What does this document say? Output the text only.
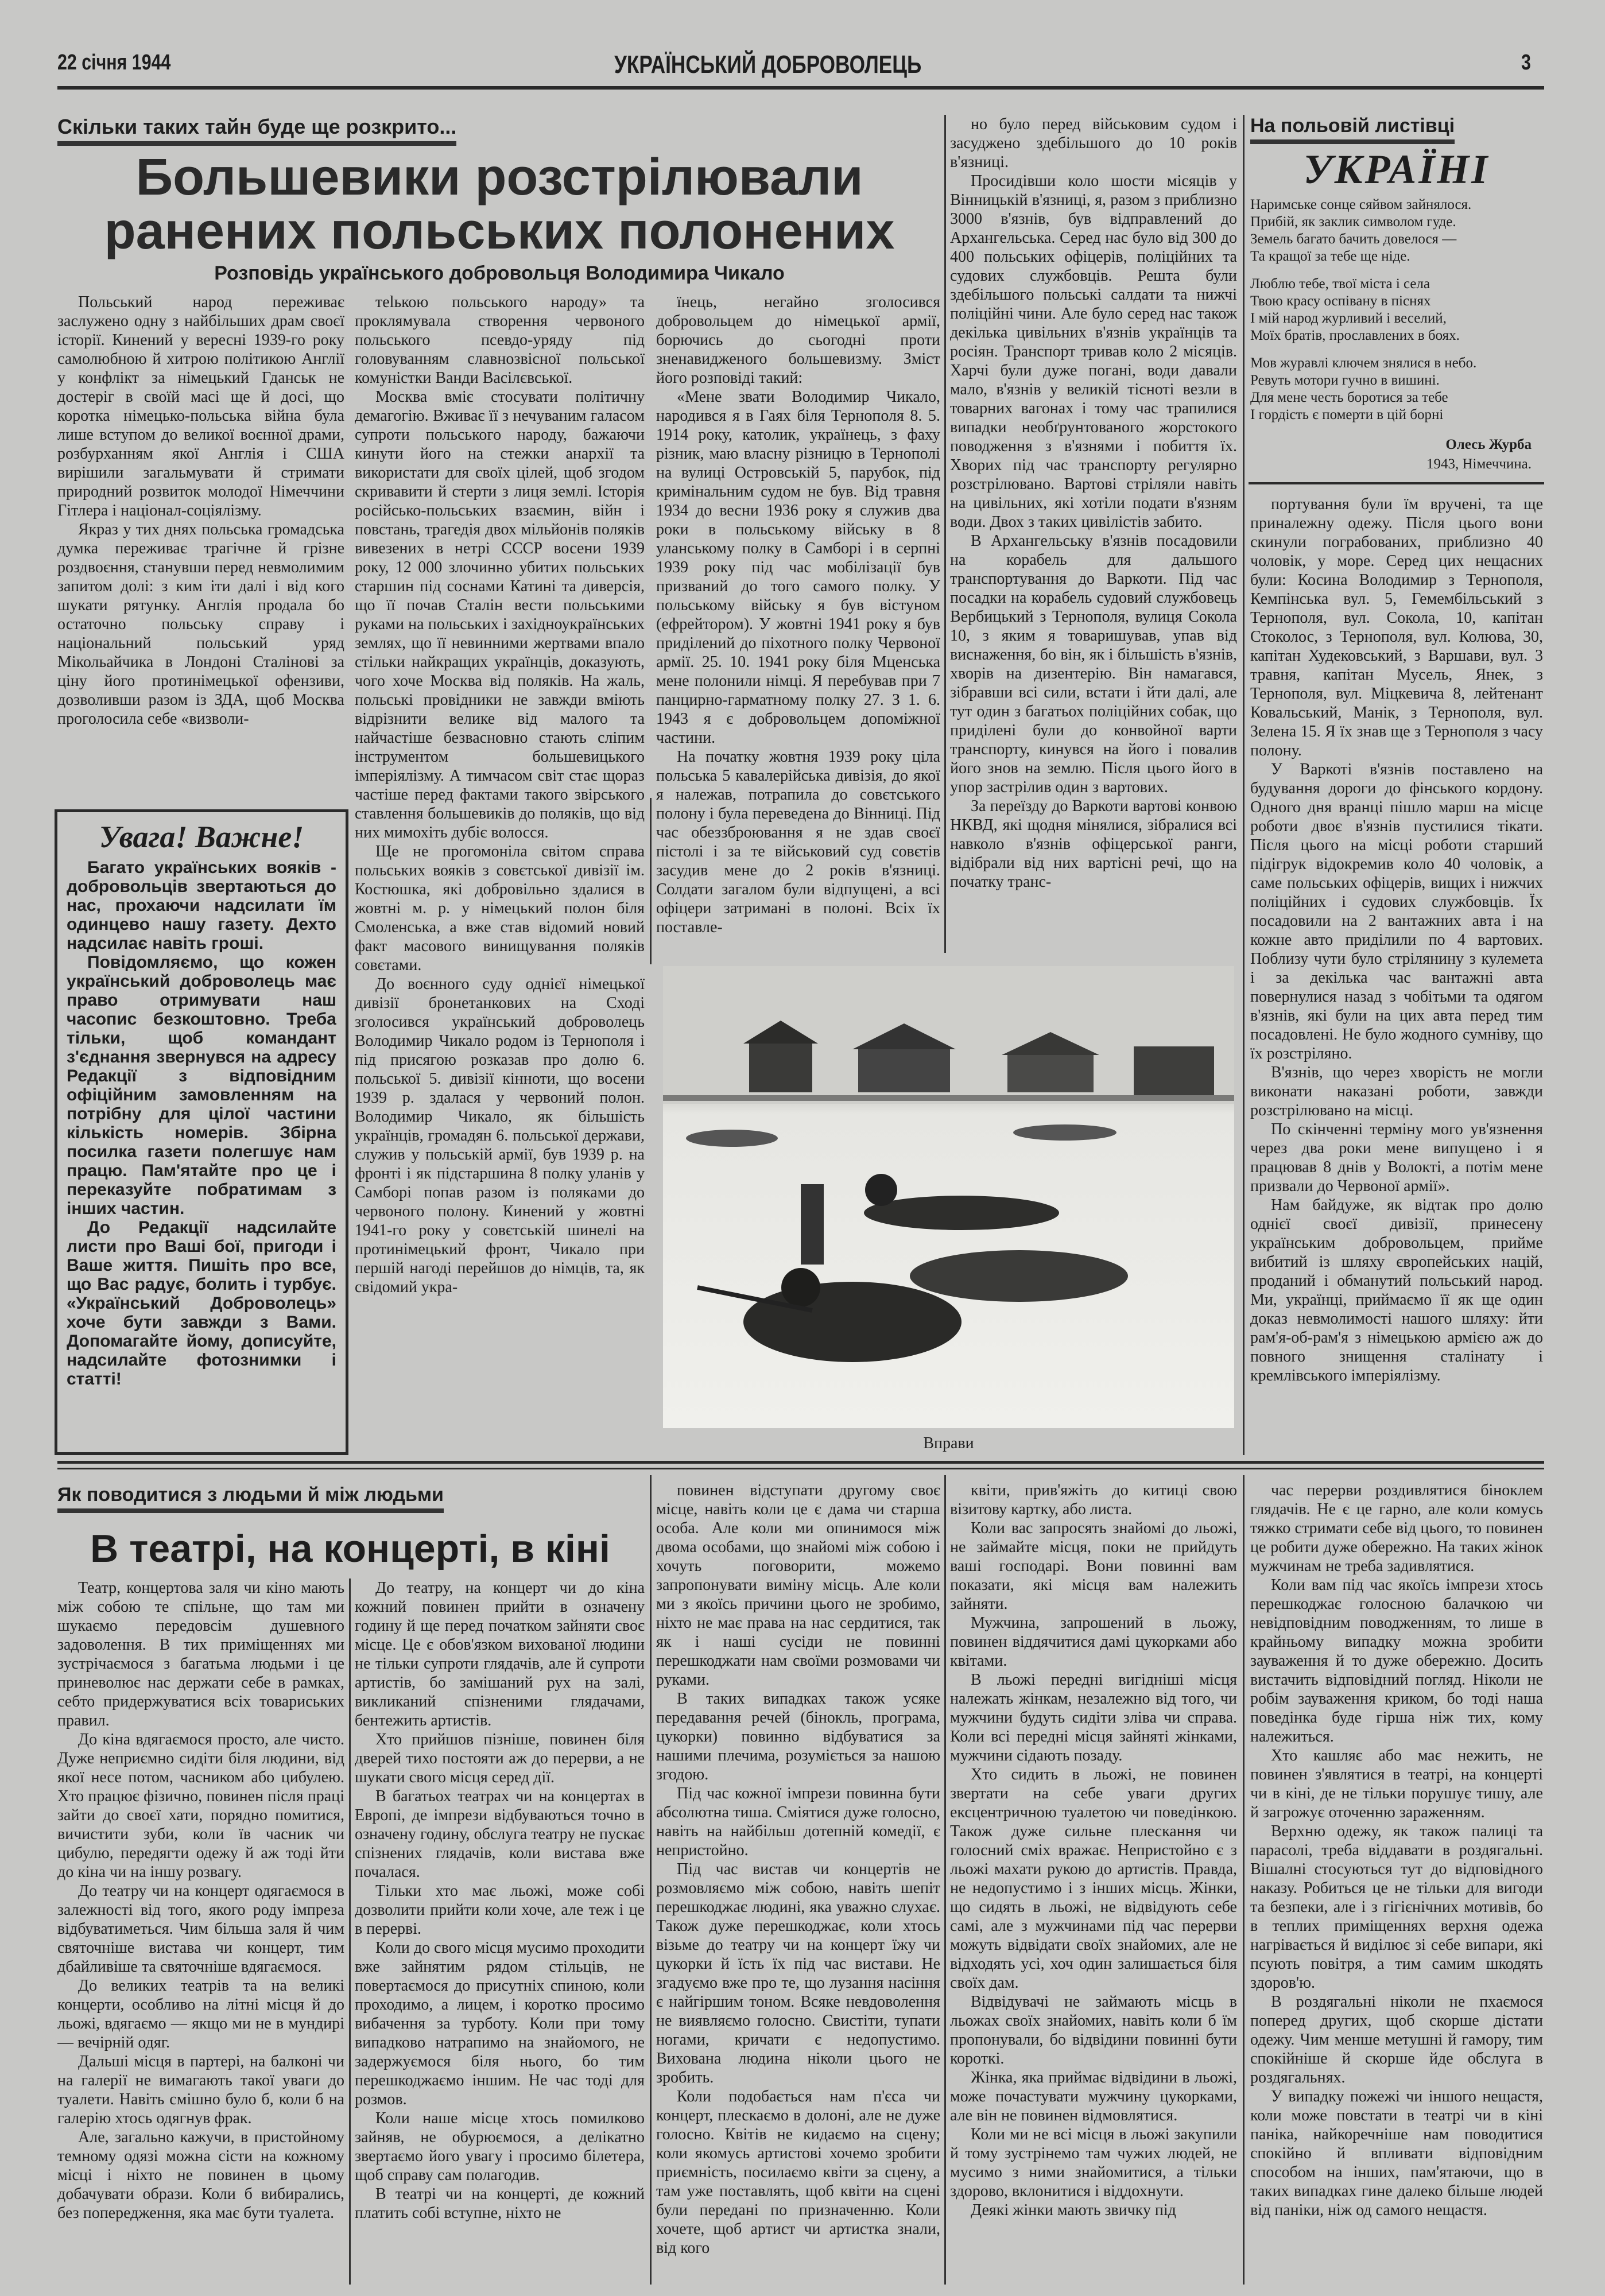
22 січня 1944	УКРАЇНСЬКИЙ ДОБРОВОЛЕЦЬ	3
Скільки таких тайн буде ще розкрито...
Большевики розстрілювали
ранених польських полонених
Розповідь українського добровольця Володимира Чикало

Польський народ переживає заслужено одну з найбільших драм своєї історії. Кинений у вересні 1939-го року самолюбною й хитрою політикою Англії у конфлікт за німецький Гданськ не достеріг в своїй масі ще й досі, що коротка німецько-польська війна була лише вступом до великої воєнної драми, розбурханням якої Англія і США вирішили загальмувати й стримати природний розвиток молодої Німеччини Гітлера і націонал-соціялізму.

Якраз у тих днях польська громадська думка переживає трагічне й грізне роздвоєння, станувши перед невмолимим запитом долі: з ким іти далі і від кого шукати рятунку. Англія продала бо остаточно польську справу і національний польський уряд Мікольайчика в Лондоні Сталінові за ціну його протинімецької офензиви, дозволивши разом із ЗДА, щоб Москва проголосила себе «визволи-

тelькою польського народу» та проклямувала створення червоного польського псевдо-уряду під головуванням славнозвісної польської комуністки Ванди Васілєвської.

Москва вміє стосувати політичну демагогію. Вживає її з нечуваним галасом супроти польського народу, бажаючи кинути його на стежки анархії та використати для своїх цілей, щоб згодом скривавити й стерти з лиця землі. Історія російсько-польських взаємин, війн і повстань, трагедія двох мільйонів поляків вивезених в нетрі СССР восени 1939 року, 12 000 злочинно убитих польських старшин під соснами Катині та диверсія, що її почав Сталін вести польськими руками на польських і західноукраїнських землях, що її невинними жертвами впало стільки найкращих українців, доказують, чого хоче Москва від поляків. На жаль, польські провідники не завжди вміють відрізнити велике від малого та найчастіше безвасновно стають сліпим інструментом большевицького імперіялізму. А тимчасом світ стає щораз частіше перед фактами такого звірського ставлення большевиків до поляків, що від них мимохіть дубіє волосся.

Ще не прогомоніла світом справа польських вояків з совєтської дивізії ім. Костюшка, які добровільно здалися в жовтні м. р. у німецький полон біля Смоленська, а вже став відомий новий факт масового винищування поляків совєтами.

До воєнного суду однієї німецької дивізії бронетанкових на Сході зголосився український доброволець Володимир Чикало родом із Тернополя і під присягою розказав про долю 6. польської 5. дивізії кінноти, що восени 1939 р. здалася у червоний полон. Володимир Чикало, як більшість українців, громадян 6. польської держави, служив у польській армії, був 1939 р. на фронті і як підстаршина 8 полку уланів у Самборі попав разом із поляками до червоного полону. Кинений у жовтні 1941-го року у совєтській шинелі на протинімецький фронт, Чикало при першій нагоді перейшов до німців, та, як свідомий укра-

їнець, негайно зголосився добровольцем до німецької армії, борючись до сьогодні проти зненавидженого большевизму. Зміст його розповіді такий:

«Мене звати Володимир Чикало, народився я в Гаях біля Тернополя 8. 5. 1914 року, католик, українець, з фаху різник, маю власну різницю в Тернополі на вулиці Островській 5, парубок, під кримінальним судом не був. Від травня 1934 до весни 1936 року я служив два роки в польському війську в 8 уланському полку в Самборі і в серпні 1939 року під час мобілізації був призваний до того самого полку. У польському війську я був вістуном (ефрейтором). У жовтні 1941 року я був приділений до піхотного полку Червоної армії. 25. 10. 1941 року біля Мценська мене полонили німці. Я перебував при 7 панцирно-гарматному полку 27. З 1. 6. 1943 я є добровольцем допоміжної частини.

На початку жовтня 1939 року ціла польська 5 кавалерійська дивізія, до якої я належав, потрапила до совєтського полону і була переведена до Вінниці. Під час обеззброювання я не здав своєї пістолі і за те військовий суд совєтів засудив мене до 2 років в'язниці. Солдати загалом були відпущені, а всі офіцери затримані в полоні. Всіх їх поставле-

но було перед військовим судом і засуджено здебільшого до 10 років в'язниці.

Просидівши коло шости місяців у Вінницькій в'язниці, я, разом з приблизно 3000 в'язнів, був відправлений до Архангельська. Серед нас було від 300 до 400 польських офіцерів, поліційних та судових службовців. Решта були здебільшого польські салдати та нижчі поліційні чини. Але було серед нас також декілька цивільних в'язнів українців та росіян. Транспорт тривав коло 2 місяців. Харчі були дуже погані, води давали мало, в'язнів у великій тісноті везли в товарних вагонах і тому час трапилися випадки необґрунтованого жорстокого поводження з в'язнями і побиття їх. Хворих під час транспорту регулярно розстрілювано. Вартові стріляли навіть на цивільних, які хотіли подати в'язням води. Двох з таких цивілістів забито.

В Архангельську в'язнів посадовили на корабель для дальшого транспортування до Варкоти. Під час посадки на корабель судовий службовець Вербицький з Тернополя, вулиця Сокола 10, з яким я товаришував, упав від виснаження, бо він, як і більшість в'язнів, хворів на дизентерію. Він намагався, зібравши всі сили, встати і йти далі, але тут один з багатьох поліційних собак, що приділені були до конвойної варти транспорту, кинувся на його і повалив його знов на землю. Після цього його в упор застрілив один з вартових.

За переїзду до Варкоти вартові конвою НКВД, які щодня мінялися, зібралися всі навколо в'язнів офіцерської ранги, відібрали від них вартісні речі, що на початку транс-

портування були їм вручені, та ще приналежну одежу. Після цього вони скинули пограбованих, приблизно 40 чоловік, у море. Серед цих нещасних були: Косина Володимир з Тернополя, Кемпінська вул. 5, Гемембільський з Тернополя, вул. Сокола, 10, капітан Стоколос, з Тернополя, вул. Колюва, 30, капітан Худековський, з Варшави, вул. 3 травня, капітан Мусель, Янек, з Тернополя, вул. Міцкевича 8, лейтенант Ковальський, Манік, з Тернополя, вул. Зелена 15. Я їх знав ще з Тернополя з часу полону.

У Варкоті в'язнів поставлено на будування дороги до фінського кордону. Одного дня вранці пішло марш на місце роботи двоє в'язнів пустилися тікати. Після цього на місці роботи старший підігрук відокремив коло 40 чоловік, а саме польських офіцерів, вищих і нижчих поліційних і судових службовців. Їх посадовили на 2 вантажних авта і на кожне авто приділили по 4 вартових. Поблизу чути було стрілянину з кулемета і за декілька час вантажні авта повернулися назад з чобітьми та одягом в'язнів, які були на цих авта перед тим посадовлені. Не було жодного сумніву, що їх розстріляно.

В'язнів, що через хворість не могли виконати наказані роботи, завжди розстрілювано на місці.

По скінченні терміну мого ув'язнення через два роки мене випущено і я працював 8 днів у Волокті, а потім мене призвали до Червоної армії».

Нам байдуже, як відтак про долю однієї своєї дивізії, принесену українським добровольцем, прийме вибитий із шляху європейських націй, проданий і обманутий польський народ. Ми, українці, приймаємо її як ще один доказ невмолимості нашого шляху: йти рам'я-об-рам'я з німецькою армією аж до повного знищення сталінату і кремлівського імперіялізму.

На польовій листівці
УКРАЇНІ

Наримське сонце сяйвом зайнялося.

Прибій, як заклик символом гуде.

Земель багато бачить довелося —

Та кращої за тебе ще ніде.

Люблю тебе, твої міста і села

Твою красу оспівану в піснях

І мій народ журливий і веселий,

Моїх братів, прославлених в боях.

Мов журавлі ключем знялися в небо.

Ревуть мотори гучно в вишині.

Для мене честь боротися за тебе

І гордість є померти в цій борні

Олесь Журба
1943, Німеччина.
Увага! Важне!

Багато українських вояків - добровольців звертаються до нас, прохаючи надсилати їм одинцево нашу газету. Дехто надсилає навіть гроші.

Повідомляємо, що кожен український доброволець має право отримувати наш часопис безкоштовно. Треба тільки, щоб командант з'єднання звернувся на адресу Редакції з відповідним офіційним замовленням на потрібну для цілої частини кількість номерів. Збірна посилка газети полегшує нам працю. Пам'ятайте про це і переказуйте побратимам з інших частин.

До Редакції надсилайте листи про Ваші бої, пригоди і Ваше життя. Пишіть про все, що Вас радує, болить і турбує. «Український Доброволець» хоче бути завжди з Вами. Допомагайте йому, дописуйте, надсилайте фотознимки і статті!

Вправи
Як поводитися з людьми й між людьми
В театрі, на концерті, в кіні

Театр, концертова заля чи кіно мають між собою те спільне, що там ми шукаємо передовсім душевного задоволення. В тих приміщеннях ми зустрічаємося з багатьма людьми і це приневолює нас держати себе в рамках, себто придержуватися всіх товариських правил.

До кіна вдягаємося просто, але чисто. Дуже неприємно сидіти біля людини, від якої несе потом, часником або цибулею. Хто працює фізично, повинен після праці зайти до своєї хати, порядно помитися, вичистити зуби, коли їв часник чи цибулю, передягти одежу й аж тоді йти до кіна чи на іншу розвагу.

До театру чи на концерт одягаємося в залежності від того, якого роду імпреза відбуватиметься. Чим більша заля й чим святочніше вистава чи концерт, тим дбайливіше та святочніше вдягаємося.

До великих театрів та на великі концерти, особливо на літні місця й до льожі, вдягаємо — якщо ми не в мундирі — вечірній одяг.

Дальші місця в партері, на балконі чи на галерії не вимагають такої уваги до туалети. Навіть смішно було б, коли б на галерію хтось одягнув фрак.

Але, загально кажучи, в пристойному темному одязі можна сісти на кожному місці і ніхто не повинен в цьому добачувати образи. Коли б вибирались, без попередження, яка має бути туалета.

До театру, на концерт чи до кіна кожний повинен прийти в означену годину й ще перед початком зайняти своє місце. Це є обов'язком вихованої людини не тільки супроти глядачів, але й супроти артистів, бо замішаний рух на залі, викликаний спізненими глядачами, бентежить артистів.

Хто прийшов пізніше, повинен біля дверей тихо постояти аж до перерви, а не шукати свого місця серед дії.

В багатьох театрах чи на концертах в Европі, де імпрези відбуваються точно в означену годину, обслуга театру не пускає спізнених глядачів, коли вистава вже почалася.

Тільки хто має льожі, може собі дозволити прийти коли хоче, але теж і це в перерві.

Коли до свого місця мусимо проходити вже зайнятим рядом стільців, не повертаємося до присутніх спиною, коли проходимо, а лицем, і коротко просимо вибачення за турботу. Коли при тому випадково натрапимо на знайомого, не задержуємося біля нього, бо тим перешкоджаємо іншим. Не час тоді для розмов.

Коли наше місце хтось помилково зайняв, не обурюємося, а делікатно звертаємо його увагу і просимо білетера, щоб справу сам полагодив.

В театрі чи на концерті, де кожний платить собі вступне, ніхто не

повинен відступати другому своє місце, навіть коли це є дама чи старша особа. Але коли ми опинимося між двома особами, що знайомі між собою і хочуть поговорити, можемо запропонувати виміну місць. Але коли ми з якоїсь причини цього не зробимо, ніхто не має права на нас сердитися, так як і наші сусіди не повинні перешкоджати нам своїми розмовами чи руками.

В таких випадках також усяке передавання речей (бінокль, програма, цукорки) повинно відбуватися за нашими плечима, розуміється за нашою згодою.

Під час кожної імпрези повинна бути абсолютна тиша. Сміятися дуже голосно, навіть на найбільш дотепній комедії, є непристойно.

Під час вистав чи концертів не розмовляємо між собою, навіть шепіт перешкоджає людині, яка уважно слухає. Також дуже перешкоджає, коли хтось візьме до театру чи на концерт їжу чи цукорки й їсть їх під час вистави. Не згадуємо вже про те, що лузання насіння є найгіршим тоном. Всяке невдоволення не виявляємо голосно. Свистіти, тупати ногами, кричати є недопустимо. Вихована людина ніколи цього не зробить.

Коли подобається нам п'єса чи концерт, плескаємо в долоні, але не дуже голосно. Квітів не кидаємо на сцену; коли якомусь артистові хочемо зробити приємність, посилаємо квіти за сцену, а там уже поставлять, щоб квіти на сцені були передані по призначенню. Коли хочете, щоб артист чи артистка знали, від кого

квіти, прив'яжіть до китиці свою візитову картку, або листа.

Коли вас запросять знайомі до льожі, не займайте місця, поки не прийдуть ваші господарі. Вони повинні вам показати, які місця вам належить зайняти.

Мужчина, запрошений в льожу, повинен віддячитися дамі цукорками або квітами.

В льожі передні вигідніші місця належать жінкам, незалежно від того, чи мужчини будуть сидіти зліва чи справа. Коли всі передні місця зайняті жінками, мужчини сідають позаду.

Хто сидить в льожі, не повинен звертати на себе уваги других ексцентричною туалетою чи поведінкою. Також дуже сильне плескання чи голосний сміх вражає. Непристойно є з льожі махати рукою до артистів. Правда, не недопустимо і з інших місць. Жінки, що сидять в льожі, не відвідують себе самі, але з мужчинами під час перерви можуть відвідати своїх знайомих, але не відходять усі, хоч один залишається біля своїх дам.

Відвідувачі не займають місць в льожах своїх знайомих, навіть коли б їм пропонували, бо відвідини повинні бути короткі.

Жінка, яка приймає відвідини в льожі, може почастувати мужчину цукорками, але він не повинен відмовлятися.

Коли ми не всі місця в льожі закупили й тому зустрінемо там чужих людей, не мусимо з ними знайомитися, а тільки здорово, вклонитися і віддохнути.

Деякі жінки мають звичку під

час перерви роздивлятися біноклем глядачів. Не є це гарно, але коли комусь тяжко стримати себе від цього, то повинен це робити дуже обережно. На таких жінок мужчинам не треба задивлятися.

Коли вам під час якоїсь імпрези хтось перешкоджає голосною балачкою чи невідповідним поводженням, то лише в крайньому випадку можна зробити зауваження й то дуже обережно. Досить вистачить відповідний погляд. Ніколи не робім зауваження криком, бо тоді наша поведінка буде гірша ніж тих, кому належиться.

Хто кашляє або має нежить, не повинен з'являтися в театрі, на концерті чи в кіні, де не тільки порушує тишу, але й загрожує оточенню зараженням.

Верхню одежу, як також палиці та парасолі, треба віддавати в роздягальні. Вішалні стосуються тут до відповідного наказу. Робиться це не тільки для вигоди та безпеки, але і з гігієнічних мотивів, бо в теплих приміщеннях верхня одежа нагрівається й виділює зі себе випари, які псують повітря, а тим самим шкодять здоров'ю.

В роздягальні ніколи не пхаємося поперед других, щоб скорше дістати одежу. Чим менше метушні й гамору, тим спокійніше й скорше йде обслуга в роздягальнях.

У випадку пожежі чи іншого нещастя, коли може повстати в театрі чи в кіні паніка, найкоречніше нам поводитися спокійно й впливати відповідним способом на інших, пам'ятаючи, що в таких випадках гине далеко більше людей від паніки, ніж од самого нещастя.
